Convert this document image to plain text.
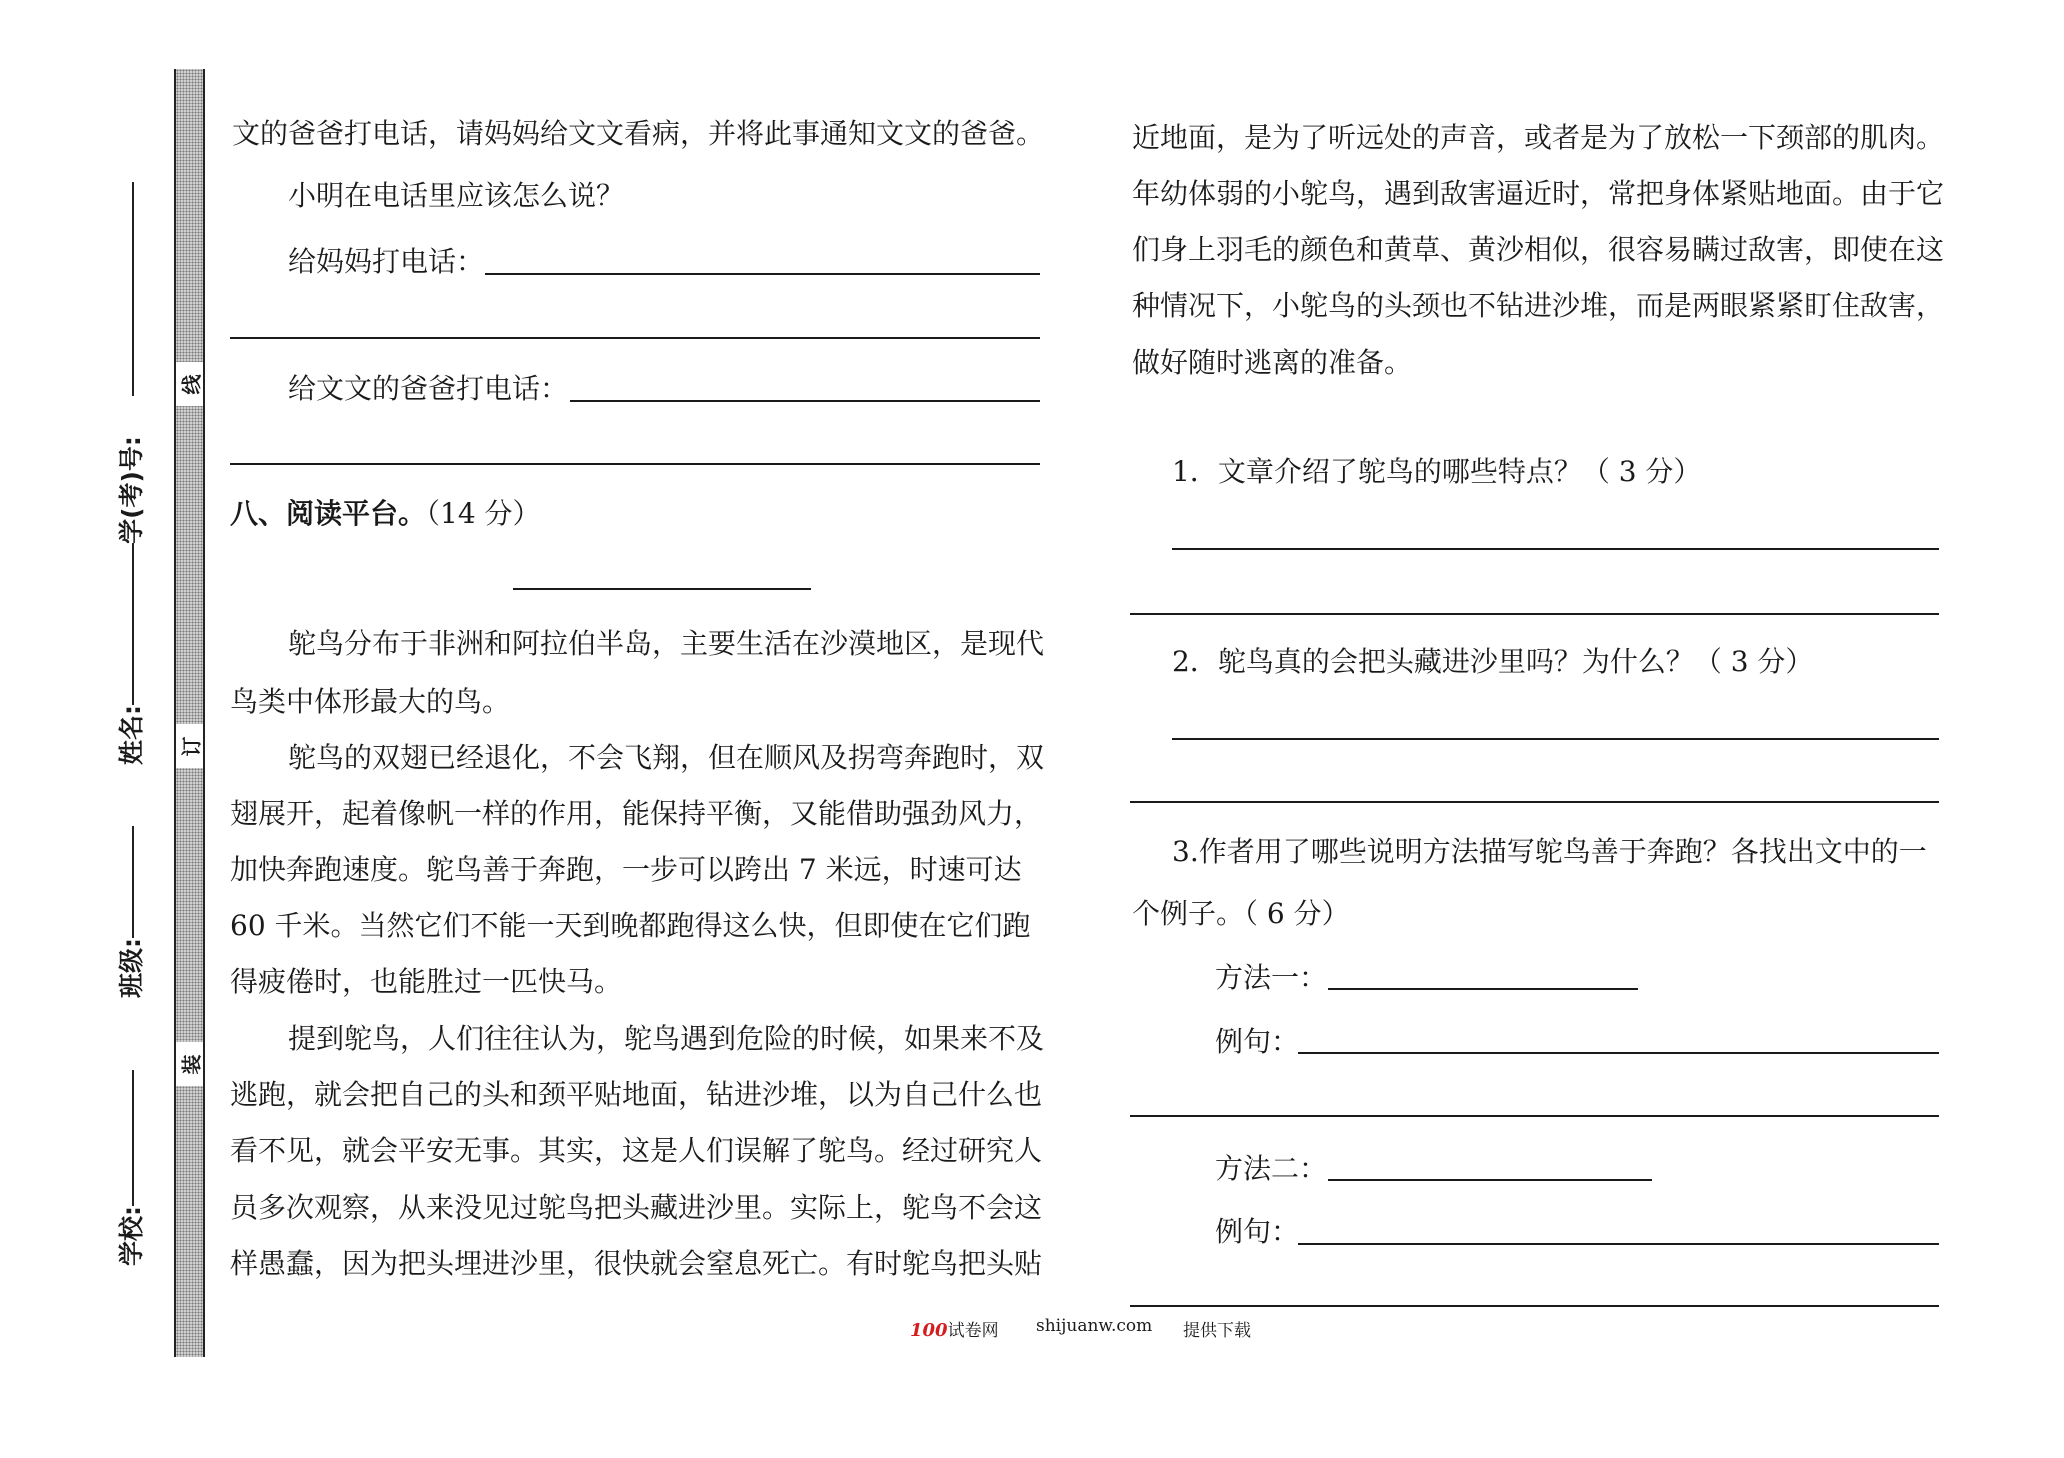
学校:
班级:
姓名:
学(考)号:
线
订
装
文的爸爸打电话，请妈妈给文文看病，并将此事通知文文的爸爸。
小明在电话里应该怎么说？
给妈妈打电话：
给文文的爸爸打电话：
八、阅读平台。（14 分）
鸵鸟分布于非洲和阿拉伯半岛，主要生活在沙漠地区，是现代
鸟类中体形最大的鸟。
鸵鸟的双翅已经退化，不会飞翔，但在顺风及拐弯奔跑时，双
翅展开，起着像帆一样的作用，能保持平衡，又能借助强劲风力，
加快奔跑速度。鸵鸟善于奔跑，一步可以跨出 7 米远，时速可达
60 千米。当然它们不能一天到晚都跑得这么快，但即使在它们跑
得疲倦时，也能胜过一匹快马。
提到鸵鸟，人们往往认为，鸵鸟遇到危险的时候，如果来不及
逃跑，就会把自己的头和颈平贴地面，钻进沙堆，以为自己什么也
看不见，就会平安无事。其实，这是人们误解了鸵鸟。经过研究人
员多次观察，从来没见过鸵鸟把头藏进沙里。实际上，鸵鸟不会这
样愚蠢，因为把头埋进沙里，很快就会窒息死亡。有时鸵鸟把头贴
近地面，是为了听远处的声音，或者是为了放松一下颈部的肌肉。
年幼体弱的小鸵鸟，遇到敌害逼近时，常把身体紧贴地面。由于它
们身上羽毛的颜色和黄草、黄沙相似，很容易瞒过敌害，即使在这
种情况下，小鸵鸟的头颈也不钻进沙堆，而是两眼紧紧盯住敌害，
做好随时逃离的准备。
1．文章介绍了鸵鸟的哪些特点？（ 3 分）
2．鸵鸟真的会把头藏进沙里吗？为什么？（ 3 分）
3.作者用了哪些说明方法描写鸵鸟善于奔跑？各找出文中的一
个例子。（ 6 分）
方法一：
例句：
方法二：
例句：
100试卷网 shijuanw.com 提供下载
